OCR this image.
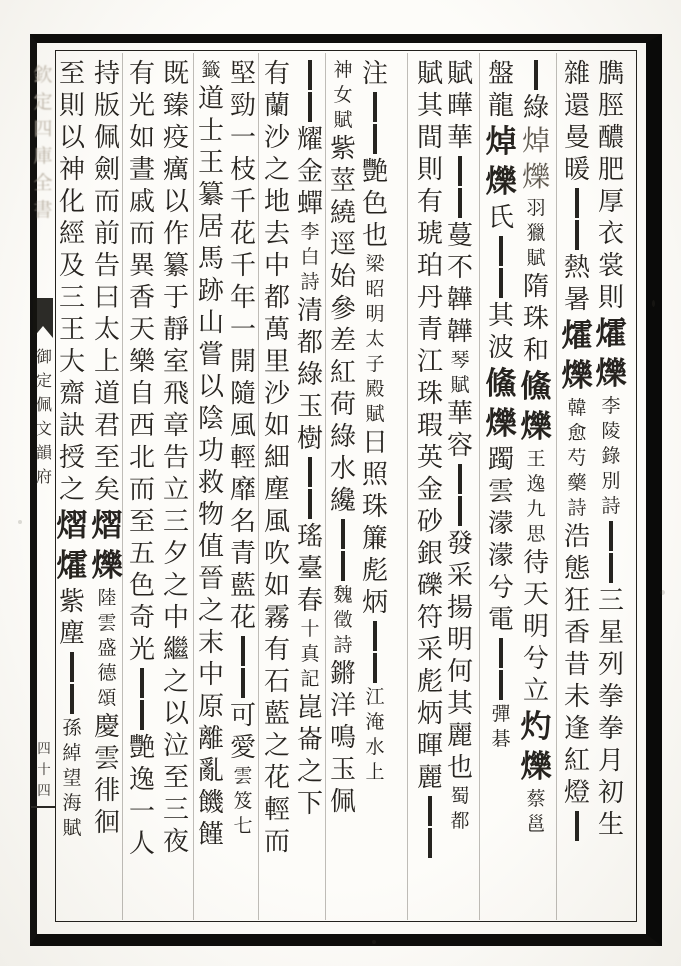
欽
定
四
庫
全
書
御
定
佩
文
韻
府
四
十
四
臇
脛
醲
肥
厚
衣
裳
則
㸌
爍
李
陵
錄
別
詩
三
星
列
拳
拳
月
初
生
雜
還
曼
暖
熱
暑
㸌
爍
韓
愈
芍
藥
詩
浩
態
狂
香
昔
未
逢
紅
燈
綠
焯
爍
羽
獵
賦
隋
珠
和
鯈
爍
王
逸
九
思
待
天
明
兮
立
灼
爍
蔡
邕
盤
龍
焯
爍
氏
其
波
鯈
爍
躅
雲
濛
濛
兮
電
彈
碁
賦
曄
華
蔓
不
韡
韡
琴
賦
華
容
發
采
揚
明
何
其
麗
也
蜀
都
賦
其
間
則
有
琥
珀
丹
青
江
珠
瑕
英
金
砂
銀
礫
符
采
彪
炳
暉
麗
注
艷
色
也
梁
昭
明
太
子
殿
賦
日
照
珠
簾
彪
炳
江
淹
水
上
神
女
賦
紫
莖
繞
逕
始
參
差
紅
荷
綠
水
纔
魏
徵
詩
鏘
洋
鳴
玉
佩
耀
金
蟬
李
白
詩
清
都
綠
玉
樹
瑤
臺
春
十
真
記
崑
崙
之
下
有
蘭
沙
之
地
去
中
都
萬
里
沙
如
細
塵
風
吹
如
霧
有
石
藍
之
花
輕
而
堅
勁
一
枝
千
花
千
年
一
開
隨
風
輕
靡
名
青
藍
花
可
愛
雲
笈
七
籤
道
士
王
纂
居
馬
跡
山
嘗
以
陰
功
救
物
值
晉
之
末
中
原
離
亂
饑
饉
既
臻
疫
癘
以
作
纂
于
靜
室
飛
章
告
立
三
夕
之
中
繼
之
以
泣
至
三
夜
有
光
如
晝
戚
而
異
香
天
樂
自
西
北
而
至
五
色
奇
光
艷
逸
一
人
持
版
佩
劍
而
前
告
曰
太
上
道
君
至
矣
熠
爍
陸
雲
盛
德
頌
慶
雲
徘
徊
至
則
以
神
化
經
及
三
王
大
齋
訣
授
之
熠
㸌
紫
塵
孫
綽
望
海
賦
